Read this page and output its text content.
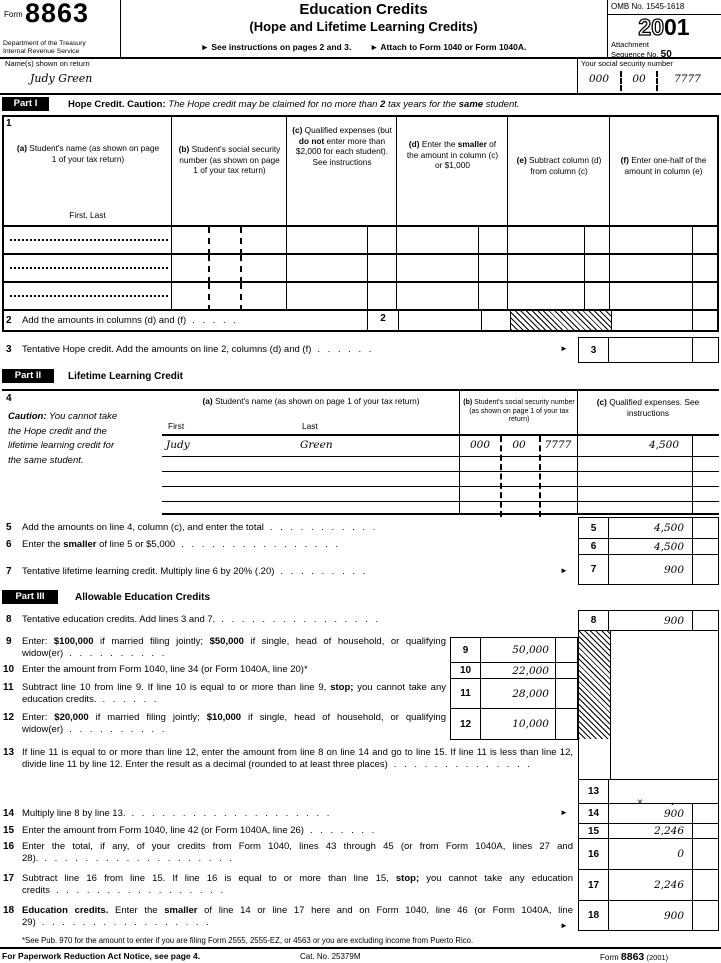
Form 8863
Department of the Treasury
Internal Revenue Service
Education Credits
(Hope and Lifetime Learning Credits)
► See instructions on pages 2 and 3. ► Attach to Form 1040 or Form 1040A.
OMB No. 1545-1618
2001
Attachment
Sequence No. 50
Name(s) shown on return
Judy Green
Your social security number
000	00	7777
Part I	Hope Credit. Caution: The Hope credit may be claimed for no more than 2 tax years for the same student.
(a) Student's name (as shown on page 1 of your tax return)
First, Last
(b) Student's social security number (as shown on page 1 of your tax return)
(c) Qualified expenses (but do not enter more than $2,000 for each student). See instructions
(d) Enter the smaller of the amount in column (c) or $1,000	(e) Subtract column (d) from column (c)
(f) Enter one-half of the amount in column (e)
2
1
2 Add the amounts in columns (d) and (f) . . . . .
3 Tentative Hope credit. Add the amounts on line 2, columns (d) and (f) . . . . . .	►	3
Part II	Lifetime Learning Credit
4
Caution: You cannot take the Hope credit and the lifetime learning credit for the same student.
(a) Student's name (as shown on page 1 of your tax return)
First	Last
(b) Student's social security number (as shown on page 1 of your tax return)
(c) Qualified expenses. See instructions
Judy	Green	000	00	7777	4,500
5 Add the amounts on line 4, column (c), and enter the total . . . . . . . . . . .
6 Enter the smaller of line 5 or $5,000 . . . . . . . . . . . . . . . .
7 Tentative lifetime learning credit. Multiply line 6 by 20% (.20) . . . . . . . . .	►
5	4,500
6	4,500
7	900
Part III	Allowable Education Credits
8 Tentative education credits. Add lines 3 and 7. . . . . . . . . . . . . . . . .	8	900
9 Enter: $100,000 if married filing jointly; $50,000 if single, head of household, or qualifying widow(er) . . . . . . . . . .
10 Enter the amount from Form 1040, line 34 (or Form 1040A, line 20)*
11 Subtract line 10 from line 9. If line 10 is equal to or more than line 9, stop; you cannot take any education credits. . . . . . .
12 Enter: $20,000 if married filing jointly; $10,000 if single, head of household, or qualifying widow(er) . . . . . . . . . .
9	50,000
10	22,000
11	28,000
12	10,000
13 If line 11 is equal to or more than line 12, enter the amount from line 8 on line 14 and go to line 15. If line 11 is less than line 12, divide line 11 by line 12. Enter the result as a decimal (rounded to at least three places) . . . . . . . . . . . . . .
13
×	.
14 Multiply line 8 by line 13. . . . . . . . . . . . . . . . . . . . .	►
15 Enter the amount from Form 1040, line 42 (or Form 1040A, line 26) . . . . . . .
16 Enter the total, if any, of your credits from Form 1040, lines 43 through 45 (or from Form 1040A, lines 27 and 28). . . . . . . . . . . . . . . . . . . .
17 Subtract line 16 from line 15. If line 16 is equal to or more than line 15, stop; you cannot take any education credits . . . . . . . . . . . . . . . . .
18 Education credits. Enter the smaller of line 14 or line 17 here and on Form 1040, line 46 (or Form 1040A, line 29) . . . . . . . . . . . . . . . . .	►
14	900
15	2,246
16	0
17	2,246
18	900
*See Pub. 970 for the amount to enter if you are filing Form 2555, 2555-EZ, or 4563 or you are excluding income from Puerto Rico.
For Paperwork Reduction Act Notice, see page 4.	Cat. No. 25379M	Form 8863 (2001)
